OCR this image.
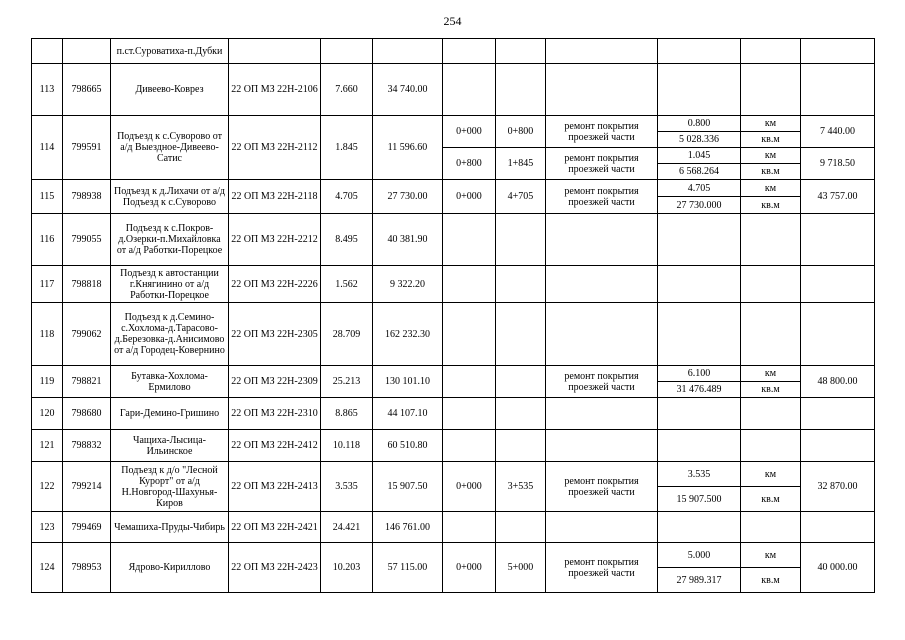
254
		п.ст.Суроватиха-п.Дубки									
113	798665	Дивеево-Коврез	22 ОП МЗ 22Н-2106	7.660	34 740.00						
114	799591	Подъезд к с.Суворово от а/д Выездное-Дивеево-Сатис	22 ОП МЗ 22Н-2112	1.845	11 596.60	0+000	0+800	ремонт покрытия проезжей части	0.800	км	7 440.00
									5 028.336	кв.м	
						0+800	1+845	ремонт покрытия проезжей части	1.045	км	9 718.50
									6 568.264	кв.м	
115	798938	Подъезд к д.Лихачи от а/д Подъезд к с.Суворово	22 ОП МЗ 22Н-2118	4.705	27 730.00	0+000	4+705	ремонт покрытия проезжей части	4.705	км	43 757.00
									27 730.000	кв.м	
116	799055	Подъезд к с.Покров-д.Озерки-п.Михайловка от а/д Работки-Порецкое	22 ОП МЗ 22Н-2212	8.495	40 381.90						
117	798818	Подъезд к автостанции г.Княгинино от а/д Работки-Порецкое	22 ОП МЗ 22Н-2226	1.562	9 322.20						
118	799062	Подъезд к д.Семино-с.Хохлома-д.Тарасово-д.Березовка-д.Анисимово от а/д Городец-Ковернино	22 ОП МЗ 22Н-2305	28.709	162 232.30						
119	798821	Бутавка-Хохлома-Ермилово	22 ОП МЗ 22Н-2309	25.213	130 101.10			ремонт покрытия проезжей части	6.100	км	48 800.00
									31 476.489	кв.м	
120	798680	Гари-Демино-Гришино	22 ОП МЗ 22Н-2310	8.865	44 107.10						
121	798832	Чащиха-Лысица-Ильинское	22 ОП МЗ 22Н-2412	10.118	60 510.80						
122	799214	Подъезд к д/о "Лесной Курорт" от а/д Н.Новгород-Шахунья-Киров	22 ОП МЗ 22Н-2413	3.535	15 907.50	0+000	3+535	ремонт покрытия проезжей части	3.535	км	32 870.00
									15 907.500	кв.м	
123	799469	Чемашиха-Пруды-Чибирь	22 ОП МЗ 22Н-2421	24.421	146 761.00						
124	798953	Ядрово-Кириллово	22 ОП МЗ 22Н-2423	10.203	57 115.00	0+000	5+000	ремонт покрытия проезжей части	5.000	км	40 000.00
									27 989.317	кв.м	
